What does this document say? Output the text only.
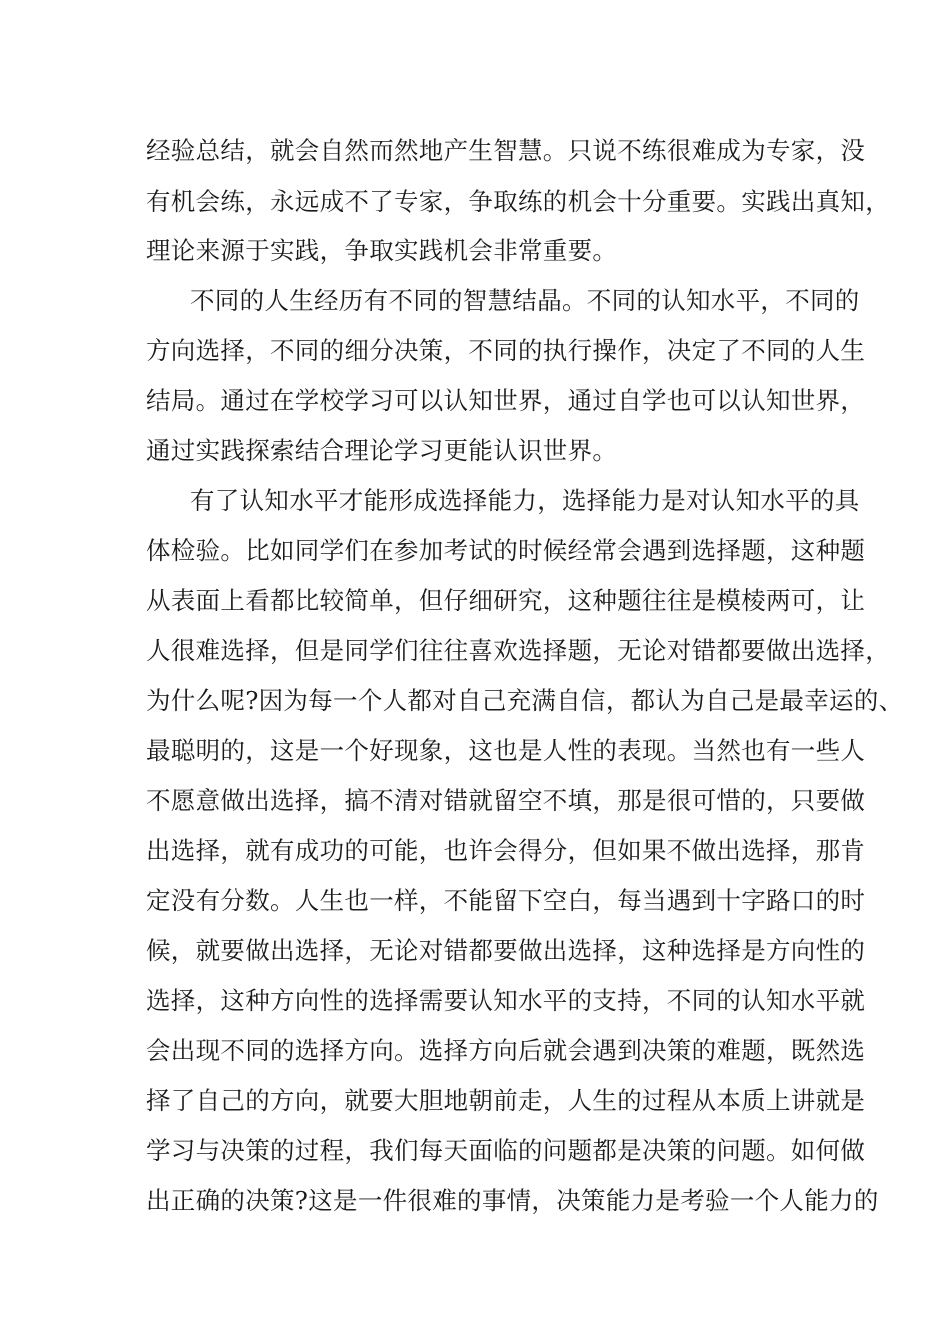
经验总结，就会自然而然地产生智慧。只说不练很难成为专家，没
有机会练，永远成不了专家，争取练的机会十分重要。实践出真知，
理论来源于实践，争取实践机会非常重要。
不同的人生经历有不同的智慧结晶。不同的认知水平，不同的
方向选择，不同的细分决策，不同的执行操作，决定了不同的人生
结局。通过在学校学习可以认知世界，通过自学也可以认知世界，
通过实践探索结合理论学习更能认识世界。
有了认知水平才能形成选择能力，选择能力是对认知水平的具
体检验。比如同学们在参加考试的时候经常会遇到选择题，这种题
从表面上看都比较简单，但仔细研究，这种题往往是模棱两可，让
人很难选择，但是同学们往往喜欢选择题，无论对错都要做出选择，
为什么呢?因为每一个人都对自己充满自信，都认为自己是最幸运的、
最聪明的，这是一个好现象，这也是人性的表现。当然也有一些人
不愿意做出选择，搞不清对错就留空不填，那是很可惜的，只要做
出选择，就有成功的可能，也许会得分，但如果不做出选择，那肯
定没有分数。人生也一样，不能留下空白，每当遇到十字路口的时
候，就要做出选择，无论对错都要做出选择，这种选择是方向性的
选择，这种方向性的选择需要认知水平的支持，不同的认知水平就
会出现不同的选择方向。选择方向后就会遇到决策的难题，既然选
择了自己的方向，就要大胆地朝前走，人生的过程从本质上讲就是
学习与决策的过程，我们每天面临的问题都是决策的问题。如何做
出正确的决策?这是一件很难的事情，决策能力是考验一个人能力的
